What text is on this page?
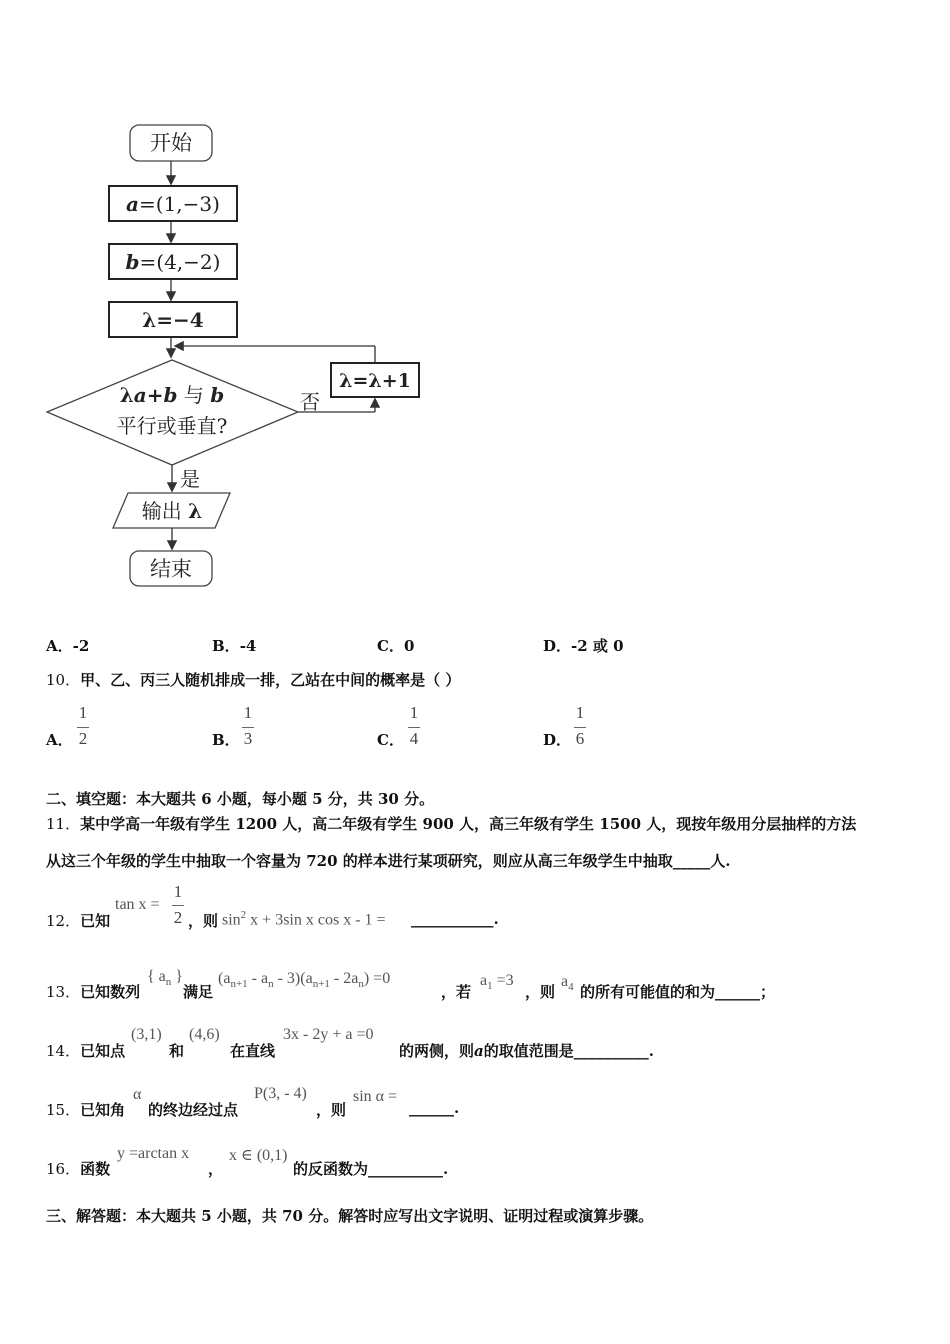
开始
a=(1,−3)
b=(4,−2)
λ=−4
λa+b 与 b
平行或垂直?
否
λ=λ+1
是
输出 λ
结束
A．-2	B．-4	C．0	D．-2 或 0
10．甲、乙、丙三人随机排成一排，乙站在中间的概率是（ ）
A．
1
2	B．
1
3	C．
1
4	D．
1
6
二、填空题：本大题共 6 小题，每小题 5 分，共 30 分。
11．某中学高一年级有学生 1200 人，高二年级有学生 900 人，高三年级有学生 1500 人，现按年级用分层抽样的方法
从这三个年级的学生中抽取一个容量为 720 的样本进行某项研究，则应从高三年级学生中抽取_____人.
12．已知
tan x =
1
2 ，则 $\sin^2 x + 3\sin$ x cos x - 1 = ___________.
13．已知数列
{ $a_n$ }
满足
$(a_{n+1} - a_n - 3)(a_{n+1} - 2a_n) =0$
，若
$a_1 =3$
，则
$a_4$ 的所有可能值的和为______；
14．已知点
(3,1)
和
(4,6)
在直线
3x - 2y + a =0
的两侧，则a的取值范围是__________.
15．已知角
α
的终边经过点
P(3, - 4)
，则
sin α =
______.
16．函数
y =arctan x
，
x ∈ (0,1)
的反函数为__________.
三、解答题：本大题共 5 小题，共 70 分。解答时应写出文字说明、证明过程或演算步骤。
